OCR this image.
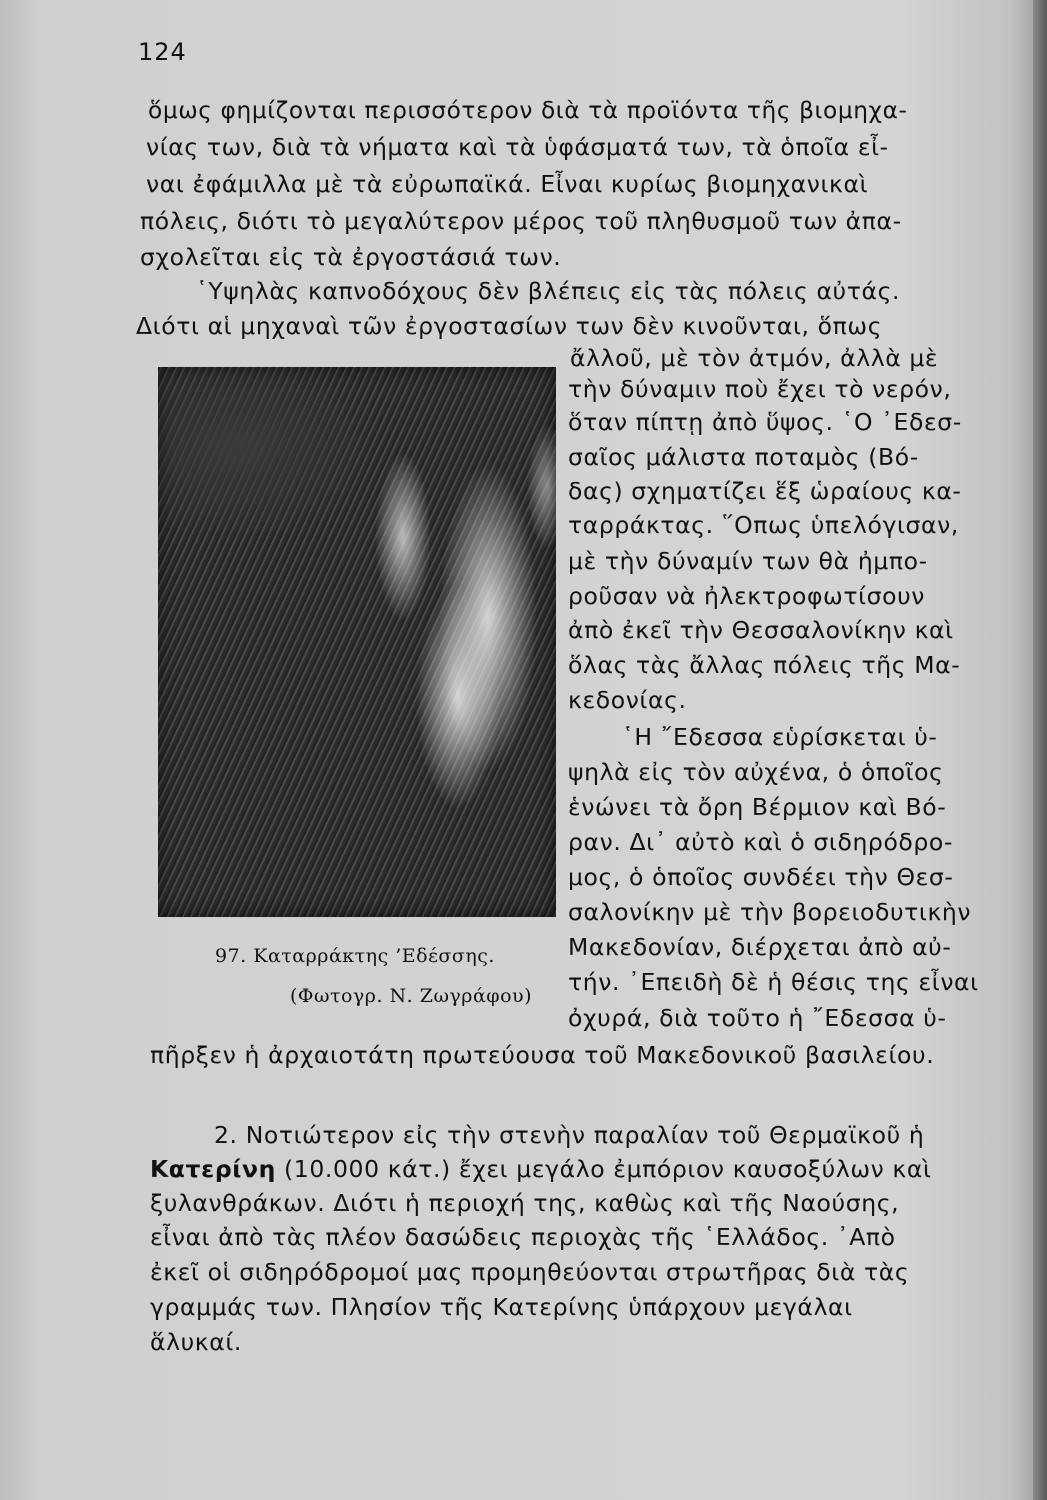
124
ὅμως φημίζονται περισσότερον διὰ τὰ προϊόντα τῆς βιομηχα-
νίας των, διὰ τὰ νήματα καὶ τὰ ὑφάσματά των, τὰ ὁποῖα εἶ-
ναι ἐφάμιλλα μὲ τὰ εὐρωπαϊκά. Εἶναι κυρίως βιομηχανικαὶ
πόλεις, διότι τὸ μεγαλύτερον μέρος τοῦ πληθυσμοῦ των ἀπα-
σχολεῖται εἰς τὰ ἐργοστάσιά των.
῾Υψηλὰς καπνοδόχους δὲν βλέπεις εἰς τὰς πόλεις αὐτάς.
Διότι αἱ μηχαναὶ τῶν ἐργοστασίων των δὲν κινοῦνται, ὅπως
97. Καταρράκτης ’Εδέσσης.
(Φωτογρ. Ν. Ζωγράφου)
ἄλλοῦ, μὲ τὸν ἀτμόν, ἀλλὰ μὲ
τὴν δύναμιν ποὺ ἔχει τὸ νερόν,
ὅταν πίπτῃ ἀπὸ ὕψος. ῾Ο ᾿Εδεσ-
σαῖος μάλιστα ποταμὸς (Βό-
δας) σχηματίζει ἕξ ὡραίους κα-
ταρράκτας. ῞Οπως ὑπελόγισαν,
μὲ τὴν δύναμίν των θὰ ἠμπο-
ροῦσαν νὰ ἠλεκτροφωτίσουν
ἀπὸ ἐκεῖ τὴν Θεσσαλονίκην καὶ
ὅλας τὰς ἄλλας πόλεις τῆς Μα-
κεδονίας.
῾Η ῎Εδεσσα εὑρίσκεται ὑ-
ψηλὰ εἰς τὸν αὐχένα, ὁ ὁποῖος
ἑνώνει τὰ ὄρη Βέρμιον καὶ Βό-
ραν. Δι᾿ αὐτὸ καὶ ὁ σιδηρόδρο-
μος, ὁ ὁποῖος συνδέει τὴν Θεσ-
σαλονίκην μὲ τὴν βορειοδυτικὴν
Μακεδονίαν, διέρχεται ἀπὸ αὐ-
τήν. ᾿Επειδὴ δὲ ἡ θέσις της εἶναι
ὀχυρά, διὰ τοῦτο ἡ ῎Εδεσσα ὑ-
πῆρξεν ἡ ἀρχαιοτάτη πρωτεύουσα τοῦ Μακεδονικοῦ βασιλείου.
2. Νοτιώτερον εἰς τὴν στενὴν παραλίαν τοῦ Θερμαϊκοῦ ἡ
Κατερίνη (10.000 κάτ.) ἔχει μεγάλο ἐμπόριον καυσοξύλων καὶ
ξυλανθράκων. Διότι ἡ περιοχή της, καθὼς καὶ τῆς Ναούσης,
εἶναι ἀπὸ τὰς πλέον δασώδεις περιοχὰς τῆς ῾Ελλάδος. ᾿Απὸ
ἐκεῖ οἱ σιδηρόδρομοί μας προμηθεύονται στρωτῆρας διὰ τὰς
γραμμάς των. Πλησίον τῆς Κατερίνης ὑπάρχουν μεγάλαι
ἅλυκαί.
